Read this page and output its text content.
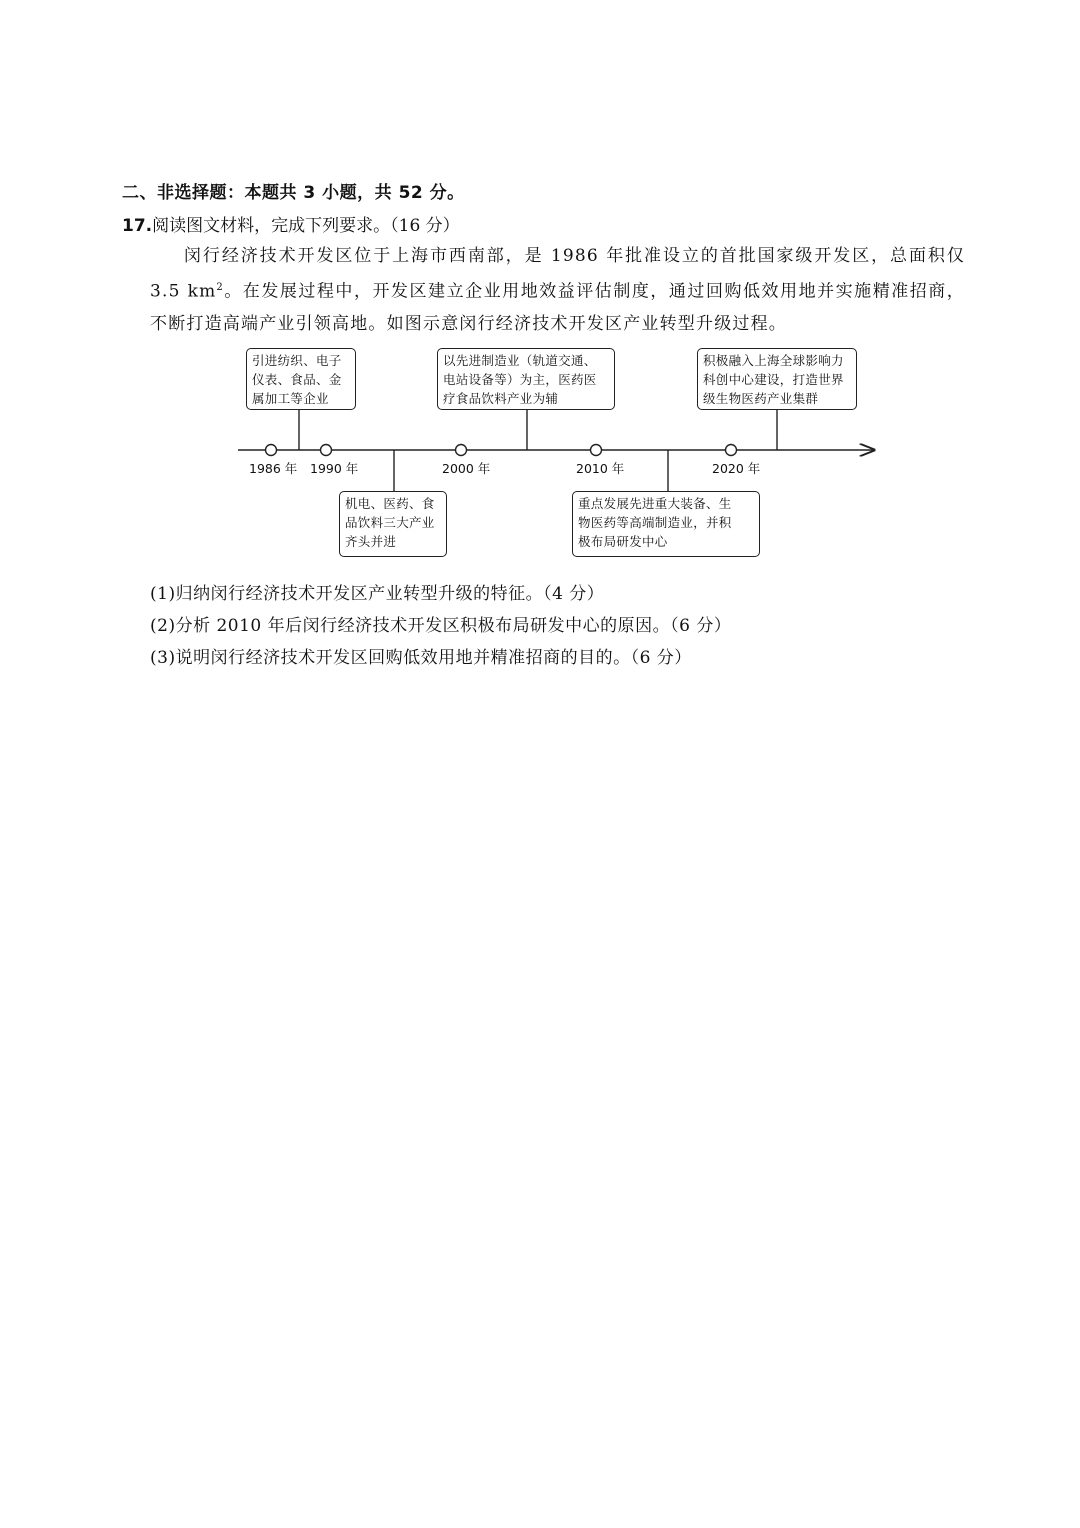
二、非选择题：本题共 3 小题，共 52 分。
17.阅读图文材料，完成下列要求。（16 分）
闵行经济技术开发区位于上海市西南部，是 1986 年批准设立的首批国家级开发区，总面积仅 3.5 $km^2$。在发展过程中，开发区建立企业用地效益评估制度，通过回购低效用地并实施精准招商，不断打造高端产业引领高地。如图示意闵行经济技术开发区产业转型升级过程。
1986 年 1990 年	2000 年	2010 年	2020 年
引进纺织、电子
仪表、食品、金
属加工等企业
以先进制造业（轨道交通、
电站设备等）为主，医药医
疗食品饮料产业为辅
积极融入上海全球影响力
科创中心建设，打造世界
级生物医药产业集群
机电、医药、食
品饮料三大产业
齐头并进
重点发展先进重大装备、生
物医药等高端制造业，并积
极布局研发中心
(1)归纳闵行经济技术开发区产业转型升级的特征。（4 分）
(2)分析 2010 年后闵行经济技术开发区积极布局研发中心的原因。（6 分）
(3)说明闵行经济技术开发区回购低效用地并精准招商的目的。（6 分）
